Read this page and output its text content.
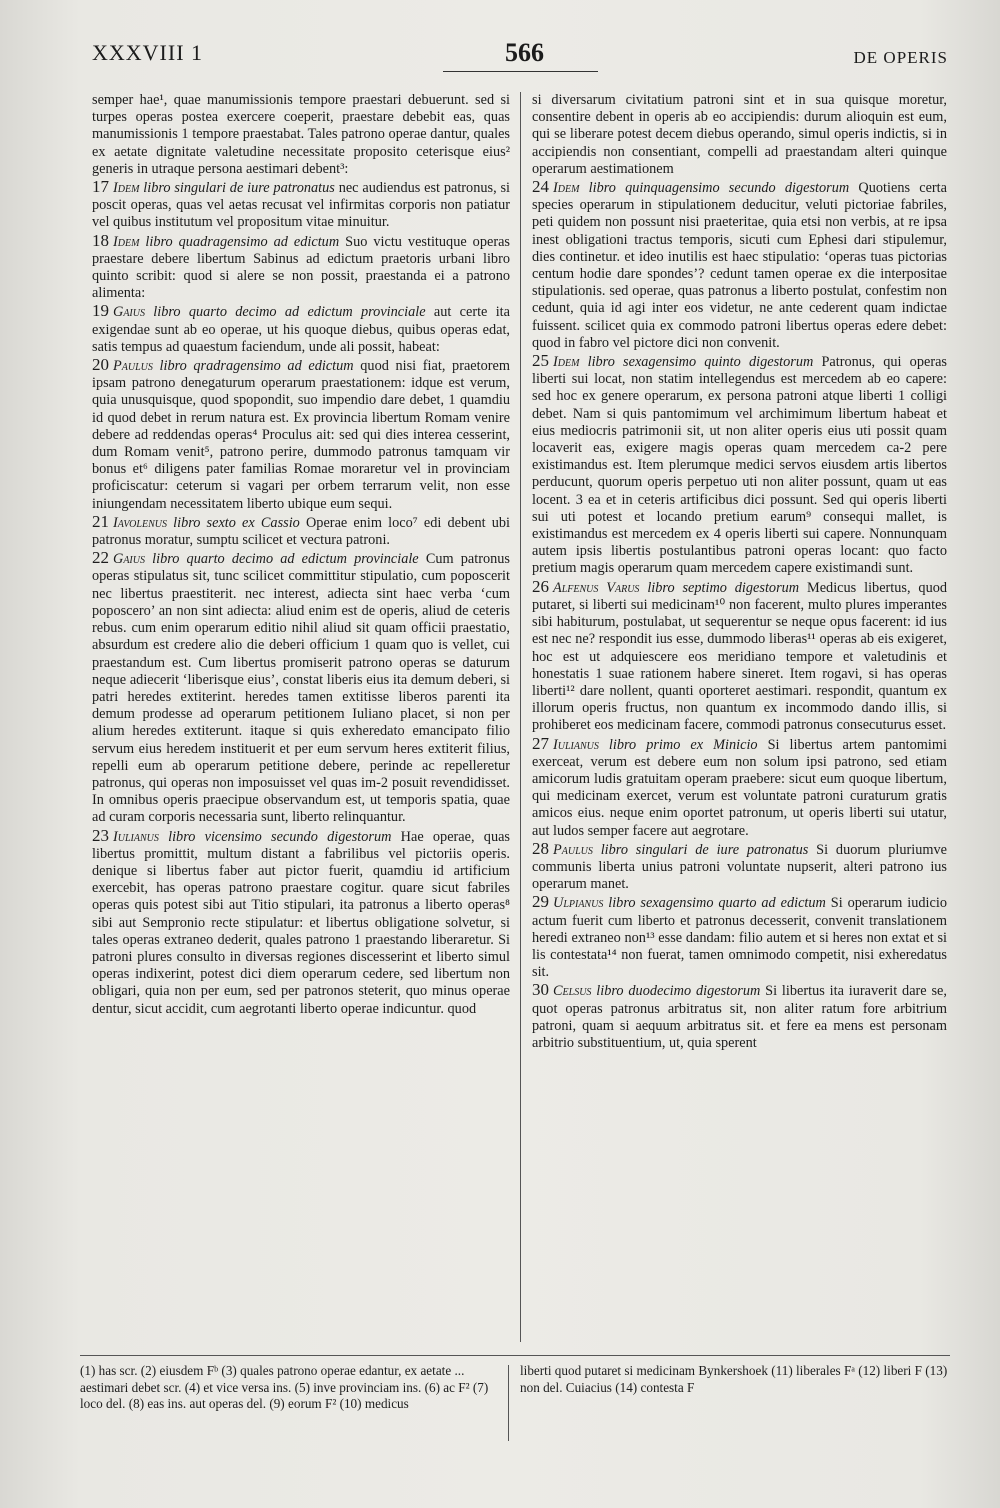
XXXVIII 1	566	DE OPERIS

semper hae¹, quae manumissionis tempore praestari debuerunt. sed si turpes operas postea exercere coeperit, praestare debebit eas, quas manumissionis 1 tempore praestabat. Tales patrono operae dantur, quales ex aetate dignitate valetudine necessitate proposito ceterisque eius² generis in utraque persona aestimari debent³:

17 Idem libro singulari de iure patronatus nec audiendus est patronus, si poscit operas, quas vel aetas recusat vel infirmitas corporis non patiatur vel quibus institutum vel propositum vitae minuitur.

18 Idem libro quadragensimo ad edictum Suo victu vestituque operas praestare debere libertum Sabinus ad edictum praetoris urbani libro quinto scribit: quod si alere se non possit, praestanda ei a patrono alimenta:

19 Gaius libro quarto decimo ad edictum provinciale aut certe ita exigendae sunt ab eo operae, ut his quoque diebus, quibus operas edat, satis tempus ad quaestum faciendum, unde ali possit, habeat:

20 Paulus libro qradragensimo ad edictum quod nisi fiat, praetorem ipsam patrono denegaturum operarum praestationem: idque est verum, quia unusquisque, quod spopondit, suo impendio dare debet, 1 quamdiu id quod debet in rerum natura est. Ex provincia libertum Romam venire debere ad reddendas operas⁴ Proculus ait: sed qui dies interea cesserint, dum Romam venit⁵, patrono perire, dummodo patronus tamquam vir bonus et⁶ diligens pater familias Romae moraretur vel in provinciam proficiscatur: ceterum si vagari per orbem terrarum velit, non esse iniungendam necessitatem liberto ubique eum sequi.

21 Iavolenus libro sexto ex Cassio Operae enim loco⁷ edi debent ubi patronus moratur, sumptu scilicet et vectura patroni.

22 Gaius libro quarto decimo ad edictum provinciale Cum patronus operas stipulatus sit, tunc scilicet committitur stipulatio, cum poposcerit nec libertus praestiterit. nec interest, adiecta sint haec verba ‘cum poposcero’ an non sint adiecta: aliud enim est de operis, aliud de ceteris rebus. cum enim operarum editio nihil aliud sit quam officii praestatio, absurdum est credere alio die deberi officium 1 quam quo is vellet, cui praestandum est. Cum libertus promiserit patrono operas se daturum neque adiecerit ‘liberisque eius’, constat liberis eius ita demum deberi, si patri heredes extiterint. heredes tamen extitisse liberos parenti ita demum prodesse ad operarum petitionem Iuliano placet, si non per alium heredes extiterunt. itaque si quis exheredato emancipato filio servum eius heredem instituerit et per eum servum heres extiterit filius, repelli eum ab operarum petitione debere, perinde ac repelleretur patronus, qui operas non imposuisset vel quas im-2 posuit revendidisset. In omnibus operis praecipue observandum est, ut temporis spatia, quae ad curam corporis necessaria sunt, liberto relinquantur.

23 Iulianus libro vicensimo secundo digestorum Hae operae, quas libertus promittit, multum distant a fabrilibus vel pictoriis operis. denique si libertus faber aut pictor fuerit, quamdiu id artificium exercebit, has operas patrono praestare cogitur. quare sicut fabriles operas quis potest sibi aut Titio stipulari, ita patronus a liberto operas⁸ sibi aut Sempronio recte stipulatur: et libertus obligatione solvetur, si tales operas extraneo dederit, quales patrono 1 praestando liberaretur. Si patroni plures consulto in diversas regiones discesserint et liberto simul operas indixerint, potest dici diem operarum cedere, sed libertum non obligari, quia non per eum, sed per patronos steterit, quo minus operae dentur, sicut accidit, cum aegrotanti liberto operae indicuntur. quod

si diversarum civitatium patroni sint et in sua quisque moretur, consentire debent in operis ab eo accipiendis: durum alioquin est eum, qui se liberare potest decem diebus operando, simul operis indictis, si in accipiendis non consentiant, compelli ad praestandam alteri quinque operarum aestimationem

24 Idem libro quinquagensimo secundo digestorum Quotiens certa species operarum in stipulationem deducitur, veluti pictoriae fabriles, peti quidem non possunt nisi praeteritae, quia etsi non verbis, at re ipsa inest obligationi tractus temporis, sicuti cum Ephesi dari stipulemur, dies continetur. et ideo inutilis est haec stipulatio: ‘operas tuas pictorias centum hodie dare spondes’? cedunt tamen operae ex die interpositae stipulationis. sed operae, quas patronus a liberto postulat, confestim non cedunt, quia id agi inter eos videtur, ne ante cederent quam indictae fuissent. scilicet quia ex commodo patroni libertus operas edere debet: quod in fabro vel pictore dici non convenit.

25 Idem libro sexagensimo quinto digestorum Patronus, qui operas liberti sui locat, non statim intellegendus est mercedem ab eo capere: sed hoc ex genere operarum, ex persona patroni atque liberti 1 colligi debet. Nam si quis pantomimum vel archimimum libertum habeat et eius mediocris patrimonii sit, ut non aliter operis eius uti possit quam locaverit eas, exigere magis operas quam mercedem ca-2 pere existimandus est. Item plerumque medici servos eiusdem artis libertos perducunt, quorum operis perpetuo uti non aliter possunt, quam ut eas locent. 3 ea et in ceteris artificibus dici possunt. Sed qui operis liberti sui uti potest et locando pretium earum⁹ consequi mallet, is existimandus est mercedem ex 4 operis liberti sui capere. Nonnunquam autem ipsis libertis postulantibus patroni operas locant: quo facto pretium magis operarum quam mercedem capere existimandi sunt.

26 Alfenus Varus libro septimo digestorum Medicus libertus, quod putaret, si liberti sui medicinam¹⁰ non facerent, multo plures imperantes sibi habiturum, postulabat, ut sequerentur se neque opus facerent: id ius est nec ne? respondit ius esse, dummodo liberas¹¹ operas ab eis exigeret, hoc est ut adquiescere eos meridiano tempore et valetudinis et honestatis 1 suae rationem habere sineret. Item rogavi, si has operas liberti¹² dare nollent, quanti oporteret aestimari. respondit, quantum ex illorum operis fructus, non quantum ex incommodo dando illis, si prohiberet eos medicinam facere, commodi patronus consecuturus esset.

27 Iulianus libro primo ex Minicio Si libertus artem pantomimi exerceat, verum est debere eum non solum ipsi patrono, sed etiam amicorum ludis gratuitam operam praebere: sicut eum quoque libertum, qui medicinam exercet, verum est voluntate patroni curaturum gratis amicos eius. neque enim oportet patronum, ut operis liberti sui utatur, aut ludos semper facere aut aegrotare.

28 Paulus libro singulari de iure patronatus Si duorum pluriumve communis liberta unius patroni voluntate nupserit, alteri patrono ius operarum manet.

29 Ulpianus libro sexagensimo quarto ad edictum Si operarum iudicio actum fuerit cum liberto et patronus decesserit, convenit translationem heredi extraneo non¹³ esse dandam: filio autem et si heres non extat et si lis contestata¹⁴ non fuerat, tamen omnimodo competit, nisi exheredatus sit.

30 Celsus libro duodecimo digestorum Si libertus ita iuraverit dare se, quot operas patronus arbitratus sit, non aliter ratum fore arbitrium patroni, quam si aequum arbitratus sit. et fere ea mens est personam arbitrio substituentium, ut, quia sperent

(1) has scr. (2) eiusdem Fᵇ (3) quales patrono operae edantur, ex aetate ... aestimari debet scr. (4) et vice versa ins. (5) inve provinciam ins. (6) ac F² (7) loco del. (8) eas ins. aut operas del. (9) eorum F² (10) medicus
liberti quod putaret si medicinam Bynkershoek (11) liberales Fᵃ (12) liberi F (13) non del. Cuiacius (14) contesta F
